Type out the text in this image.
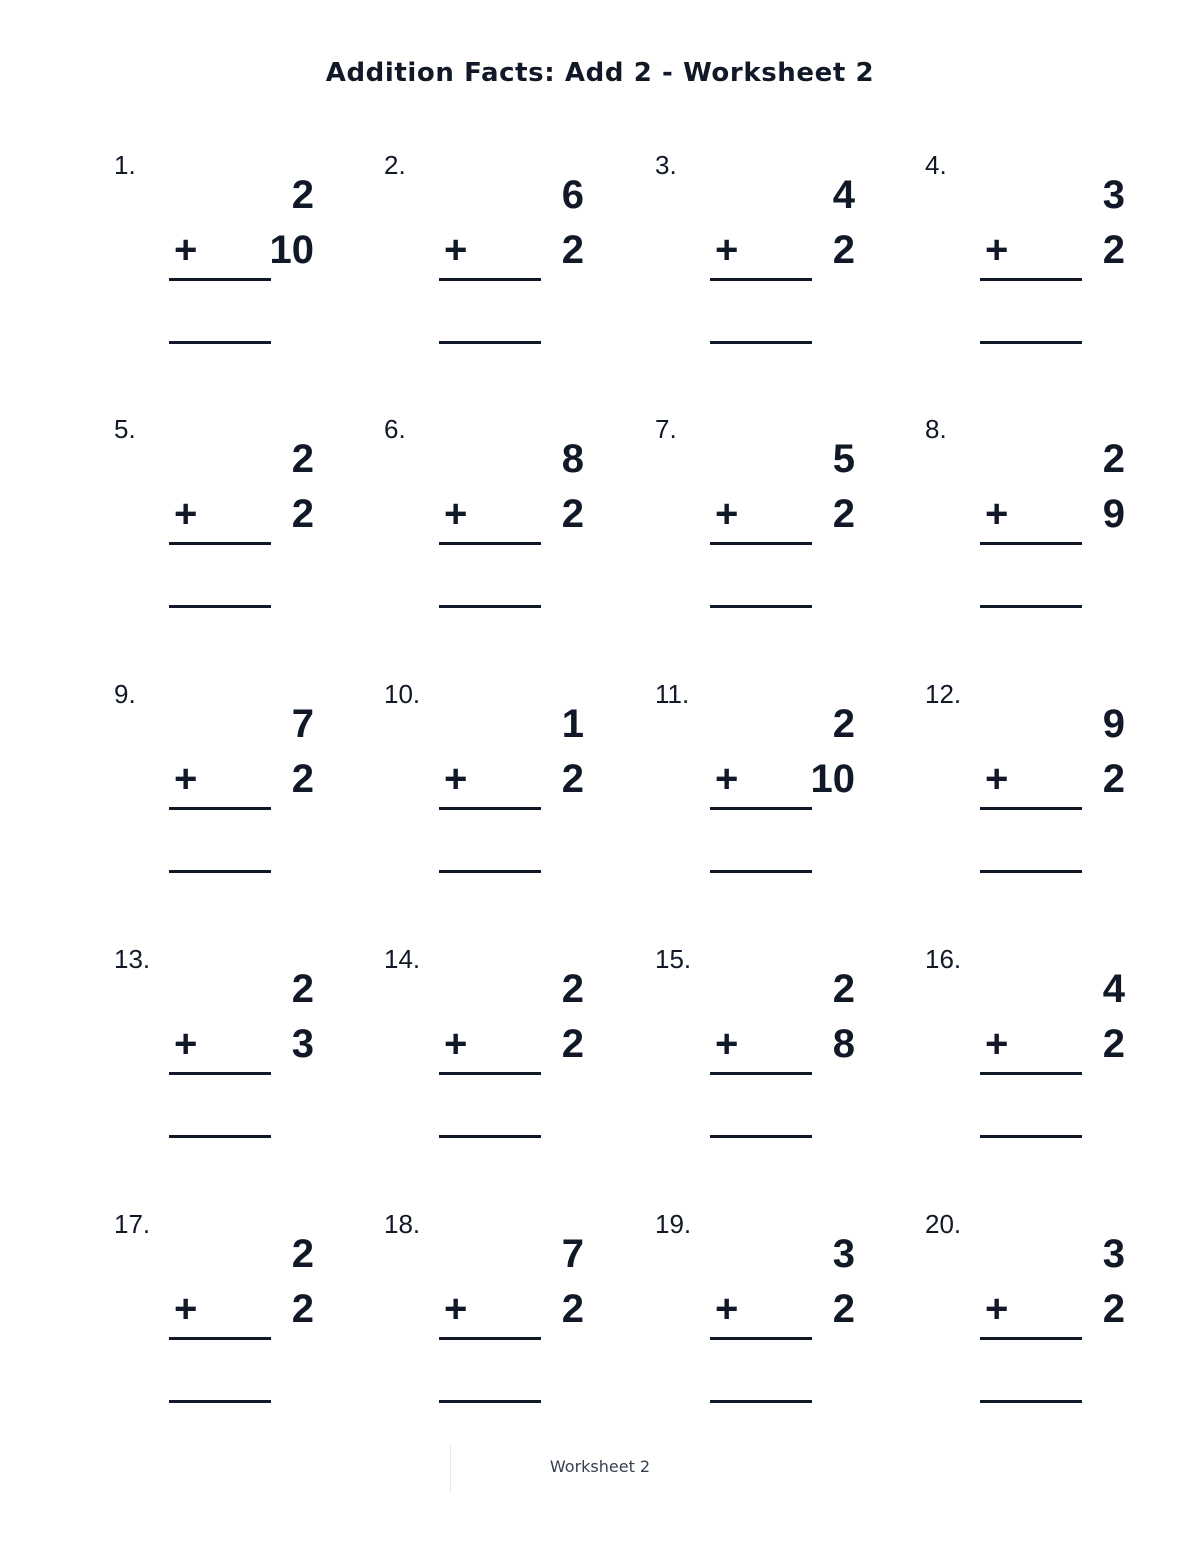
Addition Facts: Add 2 - Worksheet 2
1.
2
+	10
2.
6
+	2
3.
4
+	2
4.
3
+	2
5.
2
+	2
6.
8
+	2
7.
5
+	2
8.
2
+	9
9.
7
+	2
10.
1
+	2
11.
2
+	10
12.
9
+	2
13.
2
+	3
14.
2
+	2
15.
2
+	8
16.
4
+	2
17.
2
+	2
18.
7
+	2
19.
3
+	2
20.
3
+	2
Worksheet 2
